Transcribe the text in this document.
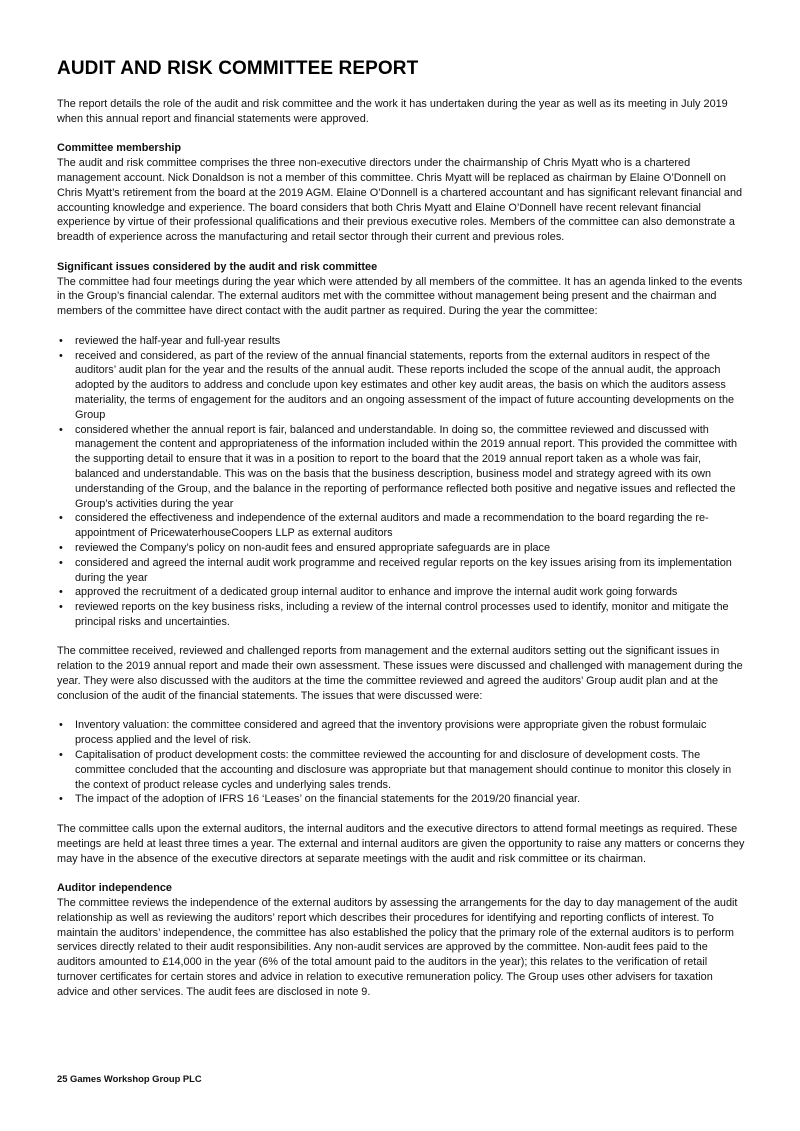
AUDIT AND RISK COMMITTEE REPORT

The report details the role of the audit and risk committee and the work it has undertaken during the year as well as its meeting in July 2019 when this annual report and financial statements were approved.

Committee membership

The audit and risk committee comprises the three non-executive directors under the chairmanship of Chris Myatt who is a chartered management account. Nick Donaldson is not a member of this committee. Chris Myatt will be replaced as chairman by Elaine O’Donnell on Chris Myatt’s retirement from the board at the 2019 AGM. Elaine O’Donnell is a chartered accountant and has significant relevant financial and accounting knowledge and experience. The board considers that both Chris Myatt and Elaine O’Donnell have recent relevant financial experience by virtue of their professional qualifications and their previous executive roles. Members of the committee can also demonstrate a breadth of experience across the manufacturing and retail sector through their current and previous roles.

Significant issues considered by the audit and risk committee

The committee had four meetings during the year which were attended by all members of the committee. It has an agenda linked to the events in the Group’s financial calendar. The external auditors met with the committee without management being present and the chairman and members of the committee have direct contact with the audit partner as required. During the year the committee:

• reviewed the half-year and full-year results
• received and considered, as part of the review of the annual financial statements, reports from the external auditors in respect of the auditors’ audit plan for the year and the results of the annual audit. These reports included the scope of the annual audit, the approach adopted by the auditors to address and conclude upon key estimates and other key audit areas, the basis on which the auditors assess materiality, the terms of engagement for the auditors and an ongoing assessment of the impact of future accounting developments on the Group
• considered whether the annual report is fair, balanced and understandable. In doing so, the committee reviewed and discussed with management the content and appropriateness of the information included within the 2019 annual report. This provided the committee with the supporting detail to ensure that it was in a position to report to the board that the 2019 annual report taken as a whole was fair, balanced and understandable. This was on the basis that the business description, business model and strategy agreed with its own understanding of the Group, and the balance in the reporting of performance reflected both positive and negative issues and reflected the Group’s activities during the year
• considered the effectiveness and independence of the external auditors and made a recommendation to the board regarding the re-appointment of PricewaterhouseCoopers LLP as external auditors
• reviewed the Company’s policy on non-audit fees and ensured appropriate safeguards are in place
• considered and agreed the internal audit work programme and received regular reports on the key issues arising from its implementation during the year
• approved the recruitment of a dedicated group internal auditor to enhance and improve the internal audit work going forwards
• reviewed reports on the key business risks, including a review of the internal control processes used to identify, monitor and mitigate the principal risks and uncertainties.

The committee received, reviewed and challenged reports from management and the external auditors setting out the significant issues in relation to the 2019 annual report and made their own assessment. These issues were discussed and challenged with management during the year. They were also discussed with the auditors at the time the committee reviewed and agreed the auditors’ Group audit plan and at the conclusion of the audit of the financial statements. The issues that were discussed were:

• Inventory valuation: the committee considered and agreed that the inventory provisions were appropriate given the robust formulaic process applied and the level of risk.
• Capitalisation of product development costs: the committee reviewed the accounting for and disclosure of development costs. The committee concluded that the accounting and disclosure was appropriate but that management should continue to monitor this closely in the context of product release cycles and underlying sales trends.
• The impact of the adoption of IFRS 16 ‘Leases’ on the financial statements for the 2019/20 financial year.

The committee calls upon the external auditors, the internal auditors and the executive directors to attend formal meetings as required. These meetings are held at least three times a year. The external and internal auditors are given the opportunity to raise any matters or concerns they may have in the absence of the executive directors at separate meetings with the audit and risk committee or its chairman.

Auditor independence

The committee reviews the independence of the external auditors by assessing the arrangements for the day to day management of the audit relationship as well as reviewing the auditors’ report which describes their procedures for identifying and reporting conflicts of interest. To maintain the auditors’ independence, the committee has also established the policy that the primary role of the external auditors is to perform services directly related to their audit responsibilities. Any non-audit services are approved by the committee. Non-audit fees paid to the auditors amounted to £14,000 in the year (6% of the total amount paid to the auditors in the year); this relates to the verification of retail turnover certificates for certain stores and advice in relation to executive remuneration policy. The Group uses other advisers for taxation advice and other services. The audit fees are disclosed in note 9.

25 Games Workshop Group PLC
